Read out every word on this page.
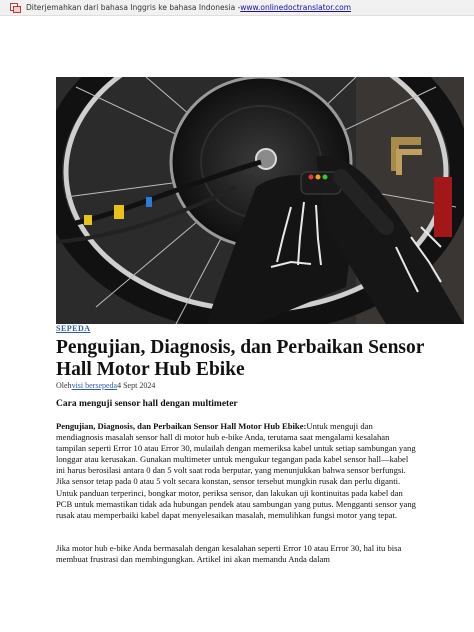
Diterjemahkan dari bahasa Inggris ke bahasa Indonesia - www.onlinedoctranslator.com
SEPEDA
Pengujian, Diagnosis, dan Perbaikan Sensor Hall Motor Hub Ebike
Olehvisi bersepeda4 Sept 2024
Cara menguji sensor hall dengan multimeter

Pengujian, Diagnosis, dan Perbaikan Sensor Hall Motor Hub Ebike:Untuk menguji dan mendiagnosis masalah sensor hall di motor hub e-bike Anda, terutama saat mengalami kesalahan tampilan seperti Error 10 atau Error 30, mulailah dengan memeriksa kabel untuk setiap sambungan yang longgar atau kerusakan. Gunakan multimeter untuk mengukur tegangan pada kabel sensor hall—kabel ini harus berosilasi antara 0 dan 5 volt saat roda berputar, yang menunjukkan bahwa sensor berfungsi. Jika sensor tetap pada 0 atau 5 volt secara konstan, sensor tersebut mungkin rusak dan perlu diganti. Untuk panduan terperinci, bongkar motor, periksa sensor, dan lakukan uji kontinuitas pada kabel dan PCB untuk memastikan tidak ada hubungan pendek atau sambungan yang putus. Mengganti sensor yang rusak atau memperbaiki kabel dapat menyelesaikan masalah, memulihkan fungsi motor yang tepat.

Jika motor hub e-bike Anda bermasalah dengan kesalahan seperti Error 10 atau Error 30, hal itu bisa membuat frustrasi dan membingungkan. Artikel ini akan memandu Anda dalam
